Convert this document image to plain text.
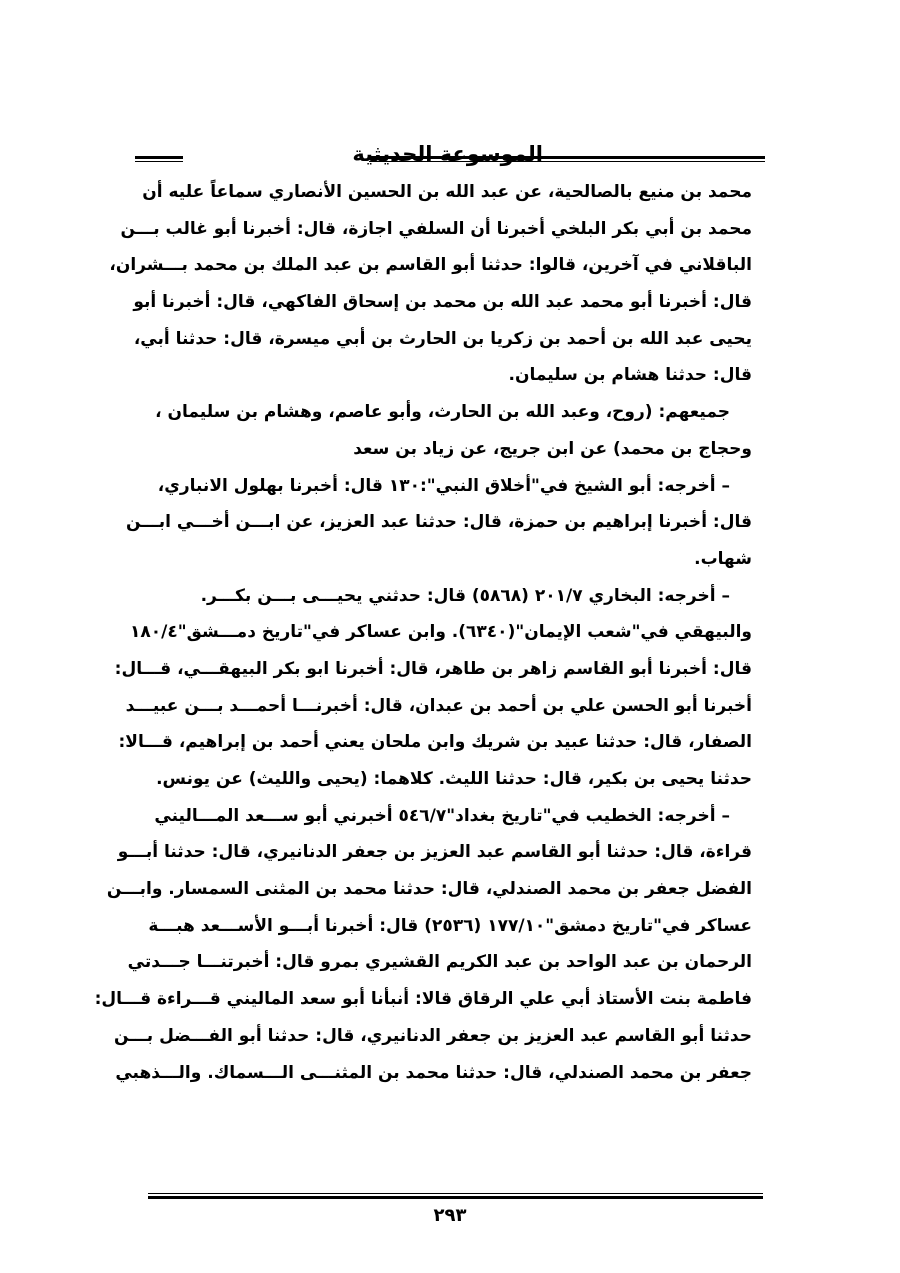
الموسوعة الحديثية
محمد بن منيع بالصالحية، عن عبد الله بن الحسين الأنصاري سماعاً عليه أن
محمد بن أبي بكر البلخي أخبرنا أن السلفي اجازة، قال: أخبرنا أبو غالب بـــن
الباقلاني في آخرين، قالوا: حدثنا أبو القاسم بن عبد الملك بن محمد بـــشران،
قال: أخبرنا أبو محمد عبد الله بن محمد بن إسحاق الفاكهي، قال: أخبرنا أبو
يحيى عبد الله بن أحمد بن زكريا بن الحارث بن أبي ميسرة، قال: حدثنا أبي،
قال: حدثنا هشام بن سليمان.
جميعهم: (روح، وعبد الله بن الحارث، وأبو عاصم، وهشام بن سليمان ،
وحجاج بن محمد) عن ابن جريج، عن زياد بن سعد
– أخرجه: أبو الشيخ في"أخلاق النبي":١٣٠ قال: أخبرنا بهلول الانباري،
قال: أخبرنا إبراهيم بن حمزة، قال: حدثنا عبد العزيز، عن ابـــن أخـــي ابـــن
شهاب.
– أخرجه: البخاري ٢٠١/٧ (٥٨٦٨) قال: حدثني يحيـــى بـــن بكـــر.
والبيهقي في"شعب الإيمان"(٦٣٤٠). وابن عساكر في"تاريخ دمـــشق"١٨٠/٤
قال: أخبرنا أبو القاسم زاهر بن طاهر، قال: أخبرنا ابو بكر البيهقـــي، قـــال:
أخبرنا أبو الحسن علي بن أحمد بن عبدان، قال: أخبرنـــا أحمـــد بـــن عبيـــد
الصفار، قال: حدثنا عبيد بن شريك وابن ملحان يعني أحمد بن إبراهيم، قـــالا:
حدثنا يحيى بن بكير، قال: حدثنا الليث. كلاهما: (يحيى والليث) عن يونس.
– أخرجه: الخطيب في"تاريخ بغداد"٥٤٦/٧ أخبرني أبو ســـعد المـــاليني
قراءة، قال: حدثنا أبو القاسم عبد العزيز بن جعفر الدنانيري، قال: حدثنا أبـــو
الفضل جعفر بن محمد الصندلي، قال: حدثنا محمد بن المثنى السمسار. وابـــن
عساكر في"تاريخ دمشق"١٧٧/١٠ (٢٥٣٦) قال: أخبرنا أبـــو الأســـعد هبـــة
الرحمان بن عبد الواحد بن عبد الكريم القشيري بمرو قال: أخبرتنـــا جـــدتي
فاطمة بنت الأستاذ أبي علي الرقاق قالا: أنبأنا أبو سعد الماليني قـــراءة قـــال:
حدثنا أبو القاسم عبد العزيز بن جعفر الدنانيري، قال: حدثنا أبو الفـــضل بـــن
جعفر بن محمد الصندلي، قال: حدثنا محمد بن المثنـــى الـــسماك. والـــذهبي
٢٩٣
